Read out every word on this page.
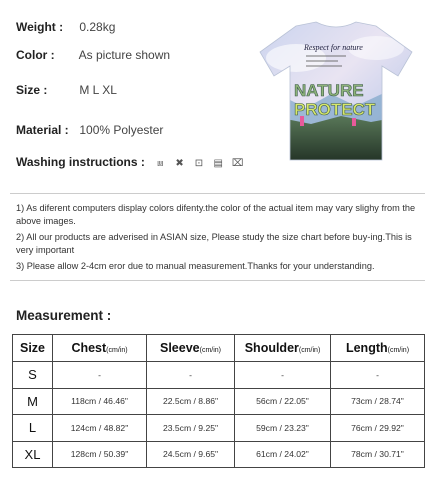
Weight : 0.28kg
Color : As picture shown
Size :	M L XL
Material : 100% Polyester
Washing instructions : ⩏ ✖ ⊡ ▤ ⌧
Respect for nature
NATURE
PROTECT

1) As diferent computers display colors difenty.the color of the actual item may vary slighy from the above images.

2) All our products are adverised in ASIAN size, Please study the size chart before buy-ing.This is very important

3) Please allow 2-4cm eror due to manual measurement.Thanks for your understanding.

Measurement :
Size	Chest(cm/in)	Sleeve(cm/in)	Shoulder(cm/in)	Length(cm/in)
S	-	-	-	-
M	118cm / 46.46"	22.5cm / 8.86"	56cm / 22.05"	73cm / 28.74"
L	124cm / 48.82"	23.5cm / 9.25"	59cm / 23.23"	76cm / 29.92"
XL	128cm / 50.39"	24.5cm / 9.65"	61cm / 24.02"	78cm / 30.71"
